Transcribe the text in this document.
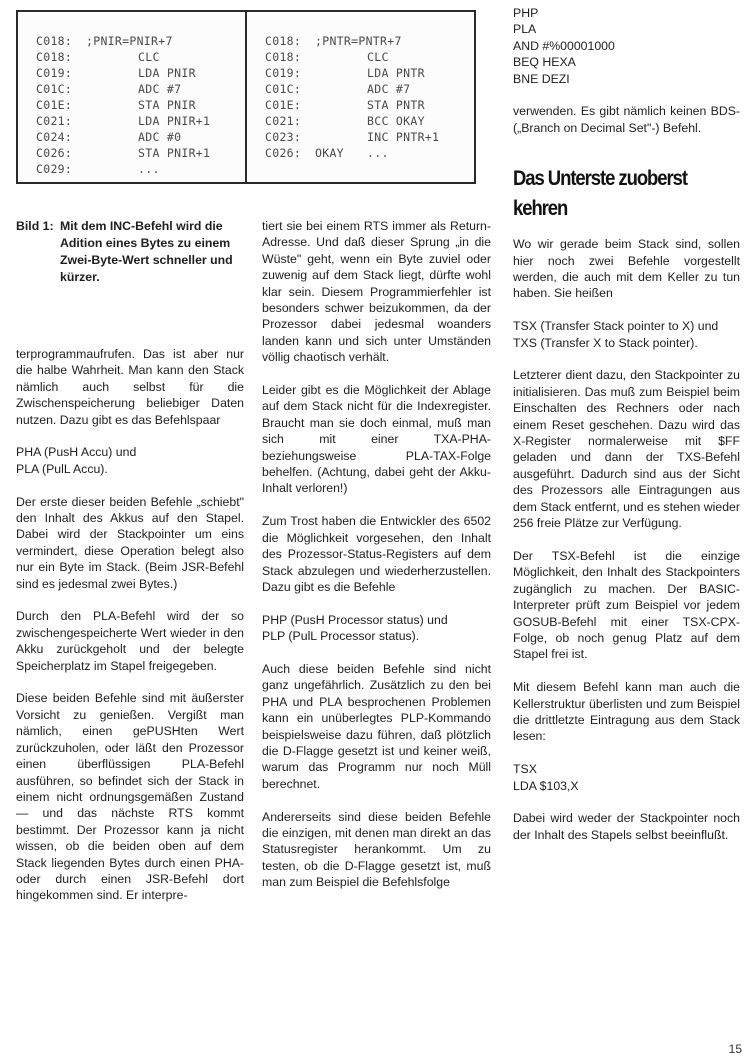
C018:	;PNIR=PNIR+7
C018:	CLC
C019:	LDA PNIR
C01C:	ADC #7
C01E:	STA PNIR
C021:	LDA PNIR+1
C024:	ADC #0
C026:	STA PNIR+1
C029:	...
C018:	;PNTR=PNTR+7
C018:	CLC
C019:	LDA PNTR
C01C:	ADC #7
C01E:	STA PNTR
C021:	BCC OKAY
C023:	INC PNTR+1
C026:	OKAY	...
Bild 1: Mit dem INC-Befehl wird die Adition eines Bytes zu einem Zwei-Byte-Wert schneller und kürzer.

terprogrammaufrufen. Das ist aber nur die halbe Wahrheit. Man kann den Stack nämlich auch selbst für die Zwischenspeicherung beliebiger Daten nutzen. Dazu gibt es das Befehlspaar

PHA (PusH Accu) und
PLA (PulL Accu).

Der erste dieser beiden Befehle „schiebt" den Inhalt des Akkus auf den Stapel. Dabei wird der Stackpointer um eins vermindert, diese Operation belegt also nur ein Byte im Stack. (Beim JSR-Befehl sind es jedesmal zwei Bytes.)

Durch den PLA-Befehl wird der so zwischengespeicherte Wert wieder in den Akku zurückgeholt und der belegte Speicherplatz im Stapel freigegeben.

Diese beiden Befehle sind mit äußerster Vorsicht zu genießen. Vergißt man nämlich, einen gePUSHten Wert zurückzuholen, oder läßt den Prozessor einen überflüssigen PLA-Befehl ausführen, so befindet sich der Stack in einem nicht ordnungsgemäßen Zustand — und das nächste RTS kommt bestimmt. Der Prozessor kann ja nicht wissen, ob die beiden oben auf dem Stack liegenden Bytes durch einen PHA- oder durch einen JSR-Befehl dort hingekommen sind. Er interpre-

tiert sie bei einem RTS immer als Return-Adresse. Und daß dieser Sprung „in die Wüste" geht, wenn ein Byte zuviel oder zuwenig auf dem Stack liegt, dürfte wohl klar sein. Diesem Programmierfehler ist besonders schwer beizukommen, da der Prozessor dabei jedesmal woanders landen kann und sich unter Umständen völlig chaotisch verhält.

Leider gibt es die Möglichkeit der Ablage auf dem Stack nicht für die Indexregister. Braucht man sie doch einmal, muß man sich mit einer TXA-PHA- beziehungsweise PLA-TAX-Folge behelfen. (Achtung, dabei geht der Akku-Inhalt verloren!)

Zum Trost haben die Entwickler des 6502 die Möglichkeit vorgesehen, den Inhalt des Prozessor-Status-Registers auf dem Stack abzulegen und wiederherzustellen. Dazu gibt es die Befehle

PHP (PusH Processor status) und
PLP (PulL Processor status).

Auch diese beiden Befehle sind nicht ganz ungefährlich. Zusätzlich zu den bei PHA und PLA besprochenen Problemen kann ein unüberlegtes PLP-Kommando beispielsweise dazu führen, daß plötzlich die D-Flagge gesetzt ist und keiner weiß, warum das Programm nur noch Müll berechnet.

Andererseits sind diese beiden Befehle die einzigen, mit denen man direkt an das Statusregister herankommt. Um zu testen, ob die D-Flagge gesetzt ist, muß man zum Beispiel die Befehlsfolge

PHP
PLA
AND #%00001000
BEQ HEXA
BNE DEZI

verwenden. Es gibt nämlich keinen BDS- („Branch on Decimal Set"-) Befehl.

Das Unterste zuoberst kehren

Wo wir gerade beim Stack sind, sollen hier noch zwei Befehle vorgestellt werden, die auch mit dem Keller zu tun haben. Sie heißen

TSX (Transfer Stack pointer to X) und
TXS (Transfer X to Stack pointer).

Letzterer dient dazu, den Stackpointer zu initialisieren. Das muß zum Beispiel beim Einschalten des Rechners oder nach einem Reset geschehen. Dazu wird das X-Register normalerweise mit $FF geladen und dann der TXS-Befehl ausgeführt. Dadurch sind aus der Sicht des Prozessors alle Eintragungen aus dem Stack entfernt, und es stehen wieder 256 freie Plätze zur Verfügung.

Der TSX-Befehl ist die einzige Möglichkeit, den Inhalt des Stackpointers zugänglich zu machen. Der BASIC-Interpreter prüft zum Beispiel vor jedem GOSUB-Befehl mit einer TSX-CPX-Folge, ob noch genug Platz auf dem Stapel frei ist.

Mit diesem Befehl kann man auch die Kellerstruktur überlisten und zum Beispiel die drittletzte Eintragung aus dem Stack lesen:

TSX
LDA $103,X

Dabei wird weder der Stackpointer noch der Inhalt des Stapels selbst beeinflußt.

15
